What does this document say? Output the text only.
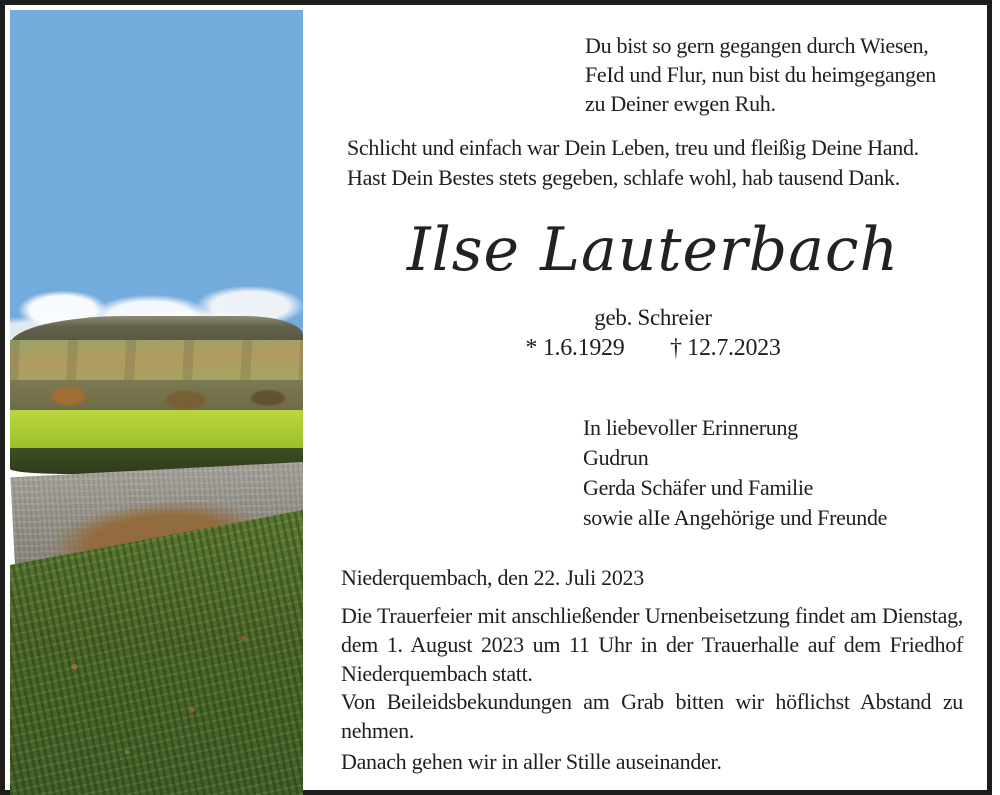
Du bist so gern gegangen durch Wiesen,
FeId und Flur, nun bist du heimgegangen
zu Deiner ewgen Ruh.
Schlicht und einfach war Dein Leben, treu und fleißig Deine Hand.
Hast Dein Bestes stets gegeben, schlafe wohl, hab tausend Dank.
Ilse Lauterbach
geb. Schreier
* 1.6.1929 † 12.7.2023
In liebevoller Erinnerung
Gudrun
Gerda Schäfer und Familie
sowie alIe Angehörige und Freunde
Niederquembach, den 22. Juli 2023
Die Trauerfeier mit anschließender Urnenbeisetzung findet am Dienstag, dem 1. August 2023 um 11 Uhr in der Trauerhalle auf dem Friedhof Niederquembach statt.
Von Beileidsbekundungen am Grab bitten wir höflichst Abstand zu nehmen.
Danach gehen wir in aller Stille auseinander.
